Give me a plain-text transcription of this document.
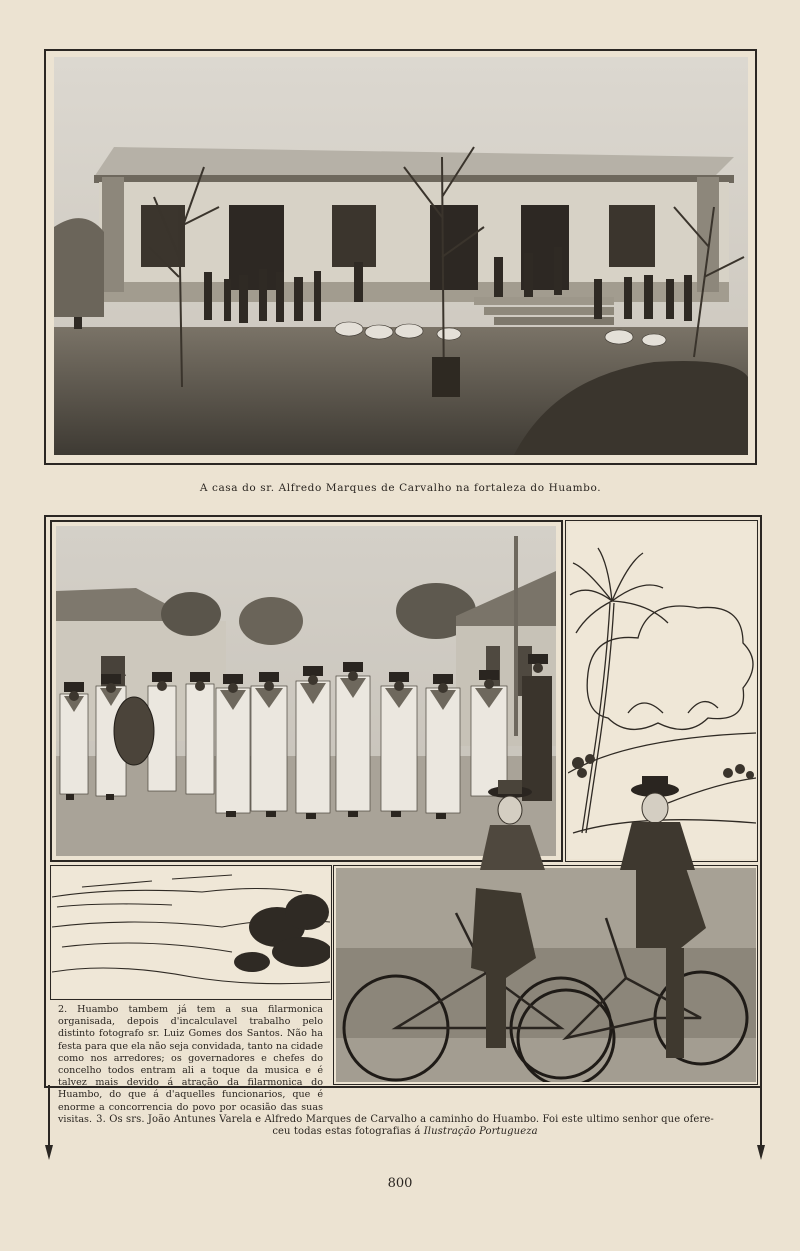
A casa do sr. Alfredo Marques de Carvalho na fortaleza do Huambo.
2. Huambo tambem já tem a sua filarmonica organisada, depois d'incalculavel trabalho pelo distinto fotografo sr. Luiz Gomes dos Santos. Não ha festa para que ela não seja convidada, tanto na cidade como nos arredores; os governadores e chefes do concelho todos entram ali a toque da musica e é talvez mais devido á atração da filarmonica do Huambo, do que á d'aquelles funcionarios, que é enorme a concorrencia do povo por ocasião das suas visitas. 3. Os srs. João Antunes Varela e Alfredo Marques de Carvalho a caminho do Huambo. Foi este ultimo senhor que ofere-
ceu todas estas fotografias á Ilustração Portugueza
800
